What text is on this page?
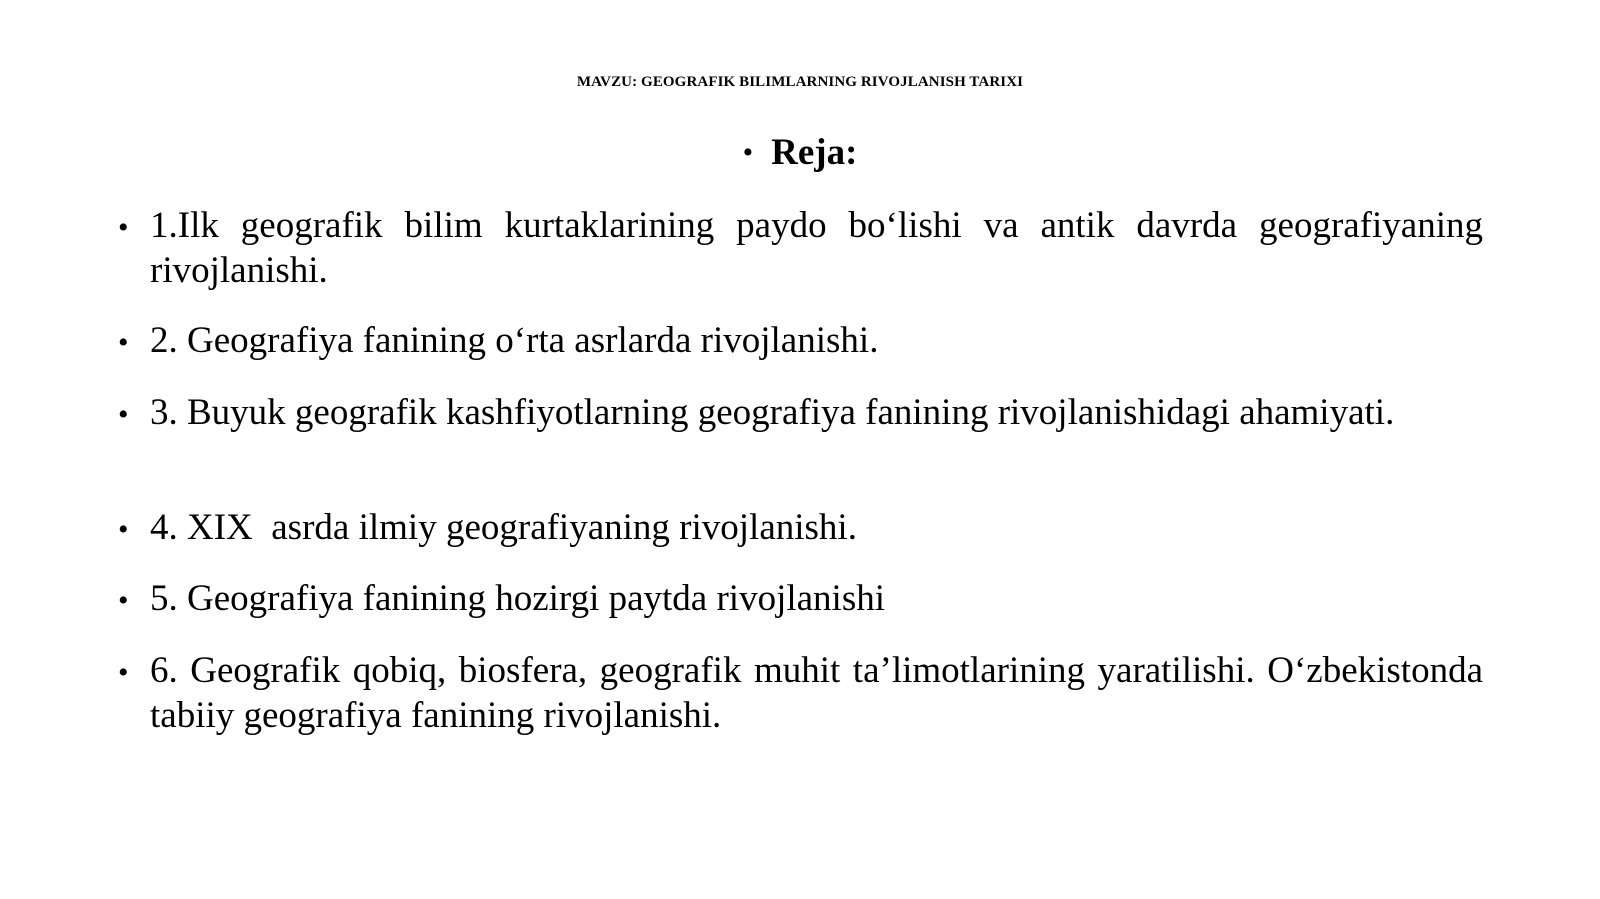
MAVZU: GEOGRAFIK BILIMLARNING RIVOJLANISH TARIXI
• Reja:
• 1.Ilk geografik bilim kurtaklarining paydo bo‘lishi va antik davrda geografiyaning rivojlanishi.
• 2. Geografiya fanining o‘rta asrlarda rivojlanishi.
• 3. Buyuk geografik kashfiyotlarning geografiya fanining rivojlanishidagi ahamiyati.
• 4. XIX  asrda ilmiy geografiyaning rivojlanishi.
• 5. Geografiya fanining hozirgi paytda rivojlanishi
• 6. Geografik qobiq, biosfera, geografik muhit ta’limotlarining yaratilishi. O‘zbekistonda tabiiy geografiya fanining rivojlanishi.
